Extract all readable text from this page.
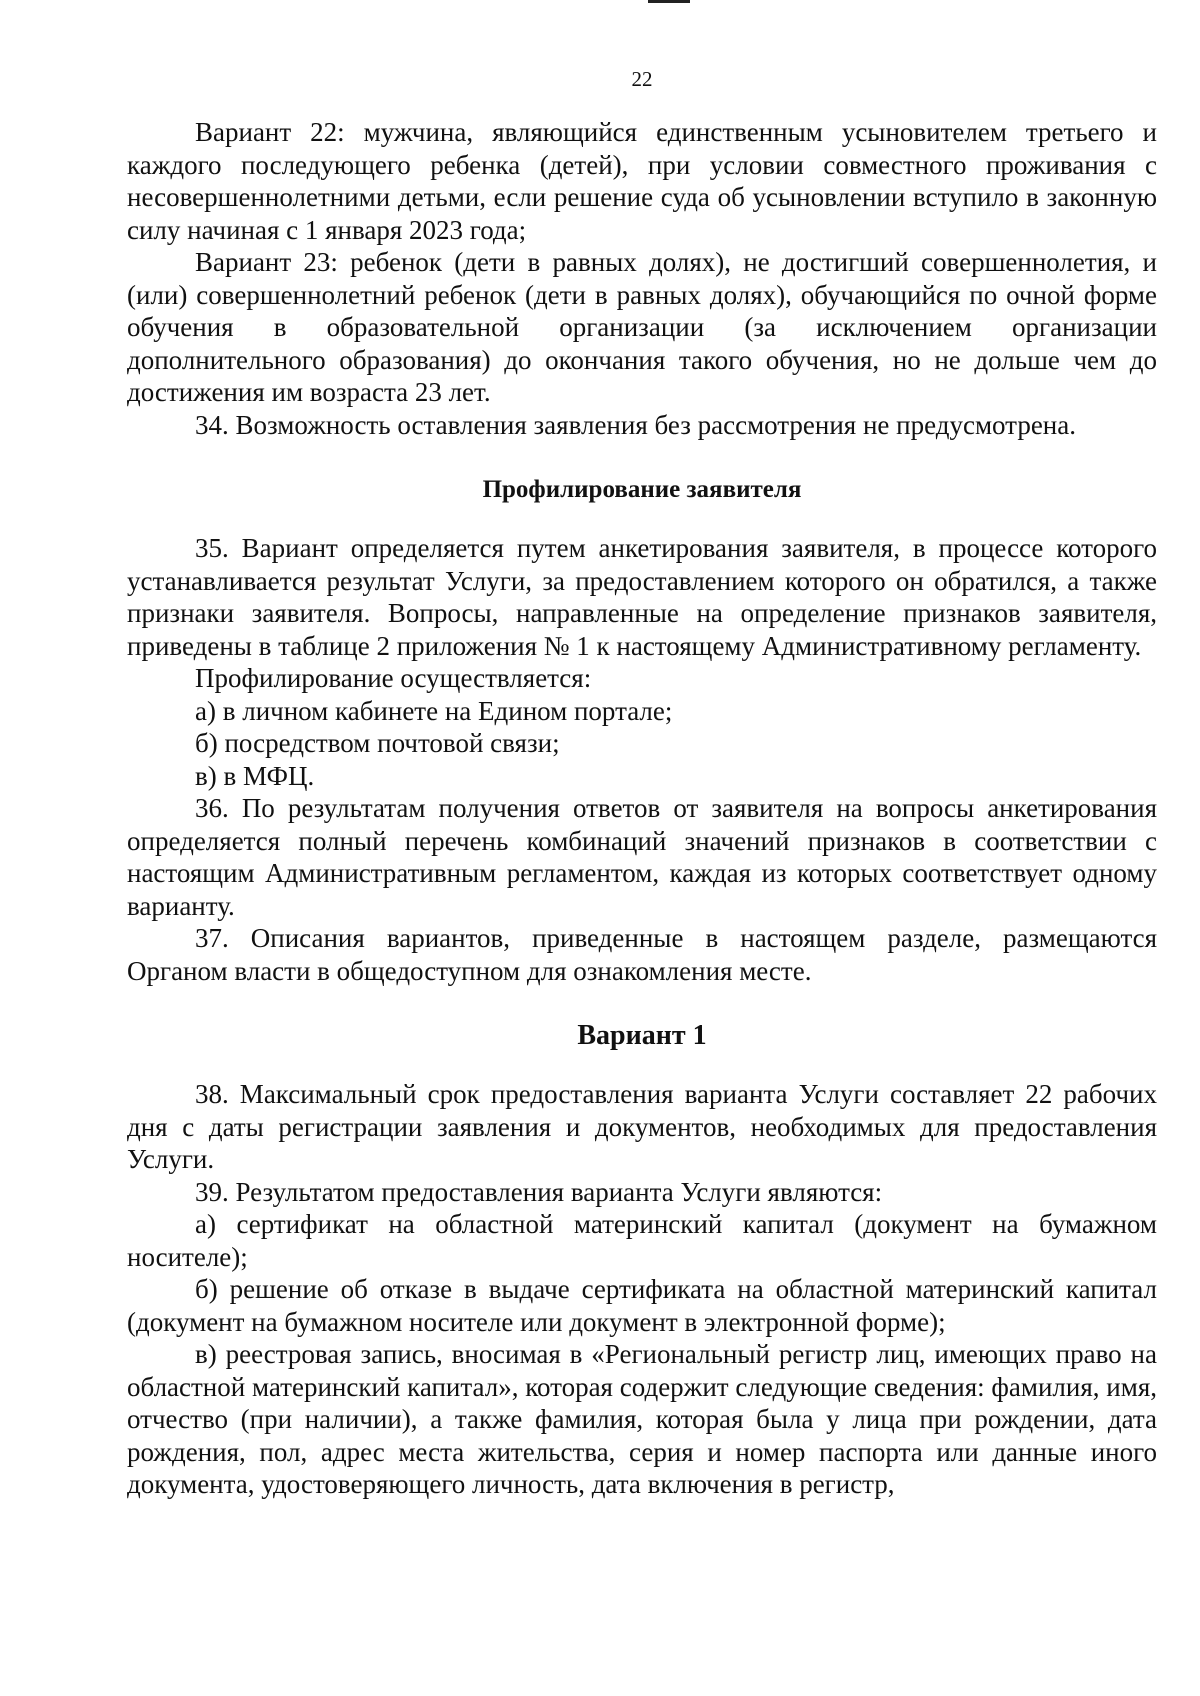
22

Вариант 22: мужчина, являющийся единственным усыновителем третьего и каждого последующего ребенка (детей), при условии совместного проживания с несовершеннолетними детьми, если решение суда об усыновлении вступило в законную силу начиная с 1 января 2023 года;

Вариант 23: ребенок (дети в равных долях), не достигший совершеннолетия, и (или) совершеннолетний ребенок (дети в равных долях), обучающийся по очной форме обучения в образовательной организации (за исключением организации дополнительного образования) до окончания такого обучения, но не дольше чем до достижения им возраста 23 лет.

34. Возможность оставления заявления без рассмотрения не предусмотрена.

Профилирование заявителя

35. Вариант определяется путем анкетирования заявителя, в процессе которого устанавливается результат Услуги, за предоставлением которого он обратился, а также признаки заявителя. Вопросы, направленные на определение признаков заявителя, приведены в таблице 2 приложения № 1 к настоящему Административному регламенту.

Профилирование осуществляется:

а) в личном кабинете на Едином портале;

б) посредством почтовой связи;

в) в МФЦ.

36. По результатам получения ответов от заявителя на вопросы анкетирования определяется полный перечень комбинаций значений признаков в соответствии с настоящим Административным регламентом, каждая из которых соответствует одному варианту.

37. Описания вариантов, приведенные в настоящем разделе, размещаются Органом власти в общедоступном для ознакомления месте.

Вариант 1

38. Максимальный срок предоставления варианта Услуги составляет 22 рабочих дня с даты регистрации заявления и документов, необходимых для предоставления Услуги.

39. Результатом предоставления варианта Услуги являются:

а) сертификат на областной материнский капитал (документ на бумажном носителе);

б) решение об отказе в выдаче сертификата на областной материнский капитал (документ на бумажном носителе или документ в электронной форме);

в) реестровая запись, вносимая в «Региональный регистр лиц, имеющих право на областной материнский капитал», которая содержит следующие сведения: фамилия, имя, отчество (при наличии), а также фамилия, которая была у лица при рождении, дата рождения, пол, адрес места жительства, серия и номер паспорта или данные иного документа, удостоверяющего личность, дата включения в регистр,
